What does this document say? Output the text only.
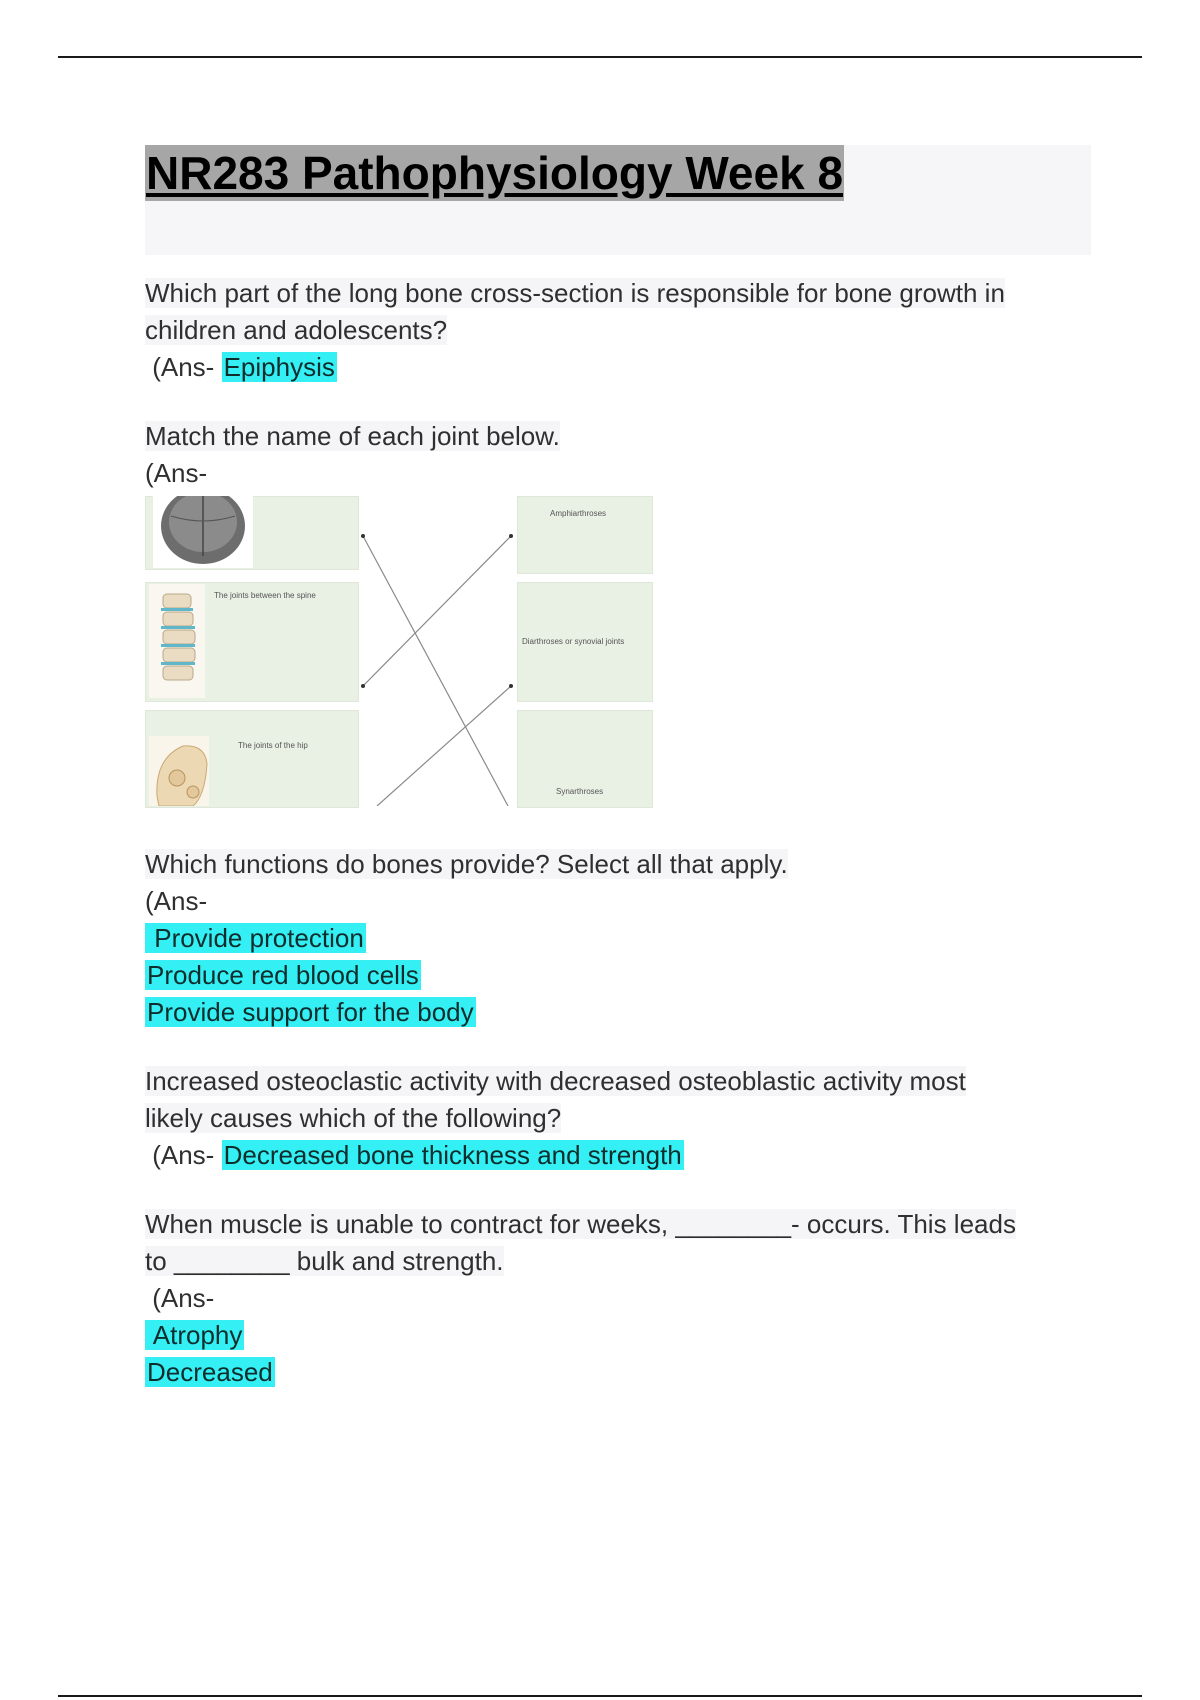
NR283 Pathophysiology Week 8

Which part of the long bone cross-section is responsible for bone growth in

children and adolescents?

(Ans- Epiphysis

Match the name of each joint below.

(Ans-

The joints between the spine
The joints of the hip
Amphiarthroses
Diarthroses or synovial joints
Synarthroses

Which functions do bones provide? Select all that apply.

(Ans-

Provide protection

Produce red blood cells

Provide support for the body

Increased osteoclastic activity with decreased osteoblastic activity most

likely causes which of the following?

(Ans- Decreased bone thickness and strength

When muscle is unable to contract for weeks, ________- occurs. This leads

to ________ bulk and strength.

(Ans-

Atrophy

Decreased
